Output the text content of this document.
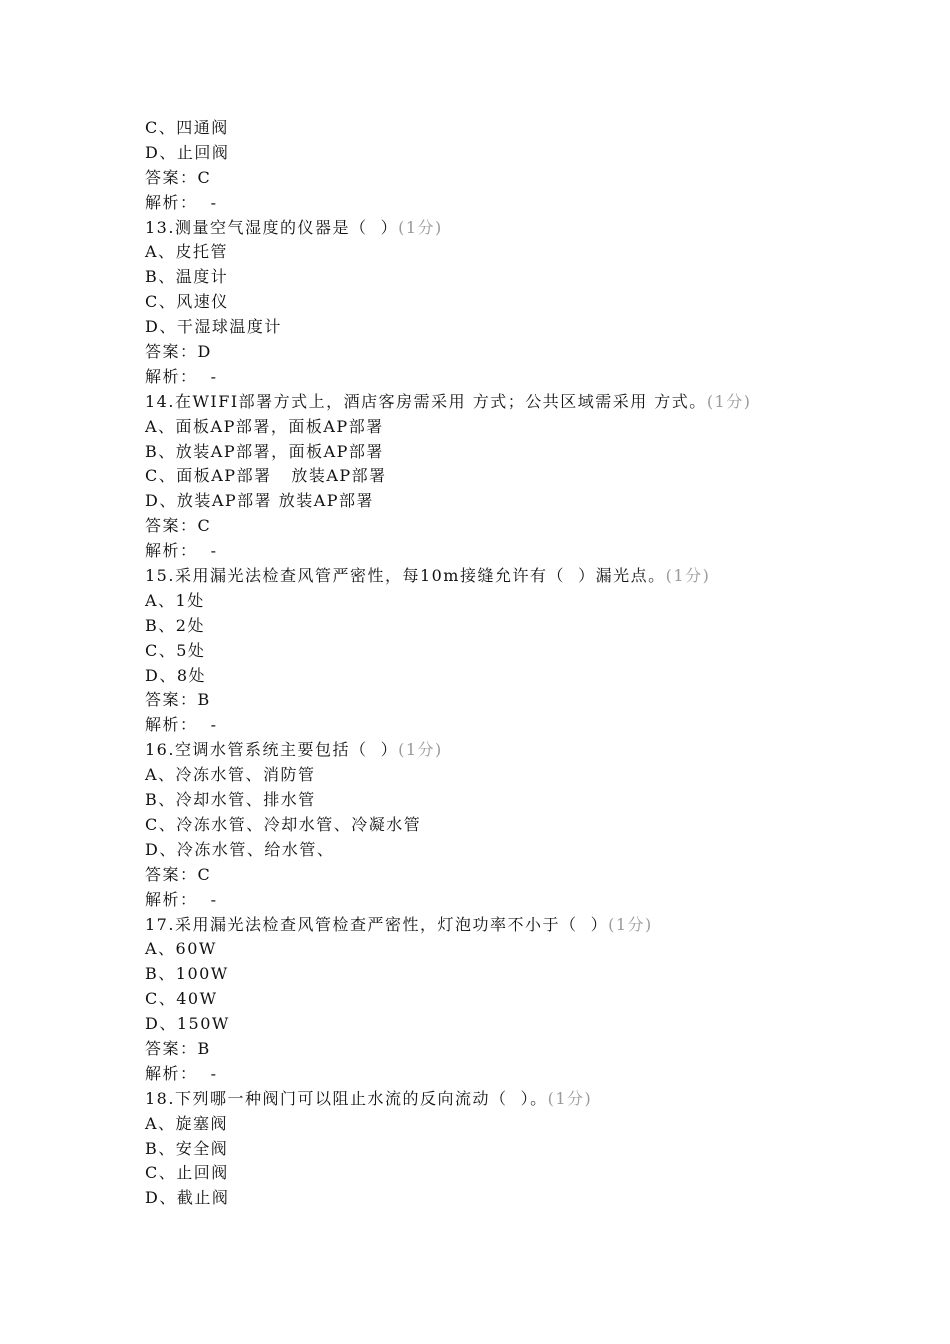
C、四通阀
D、止回阀
答案：C
解析：  -
13.测量空气湿度的仪器是（  ）(1分)
A、皮托管
B、温度计
C、风速仪
D、干湿球温度计
答案：D
解析：  -
14.在WIFI部署方式上，酒店客房需采用 方式；公共区域需采用 方式。(1分)
A、面板AP部署，面板AP部署
B、放装AP部署，面板AP部署
C、面板AP部署   放装AP部署
D、放装AP部署 放装AP部署
答案：C
解析：  -
15.采用漏光法检查风管严密性，每10m接缝允许有（  ）漏光点。(1分)
A、1处
B、2处
C、5处
D、8处
答案：B
解析：  -
16.空调水管系统主要包括（  ）(1分)
A、冷冻水管、消防管
B、冷却水管、排水管
C、冷冻水管、冷却水管、冷凝水管
D、冷冻水管、给水管、
答案：C
解析：  -
17.采用漏光法检查风管检查严密性，灯泡功率不小于（  ）(1分)
A、60W
B、100W
C、40W
D、150W
答案：B
解析：  -
18.下列哪一种阀门可以阻止水流的反向流动（  ）。(1分)
A、旋塞阀
B、安全阀
C、止回阀
D、截止阀
